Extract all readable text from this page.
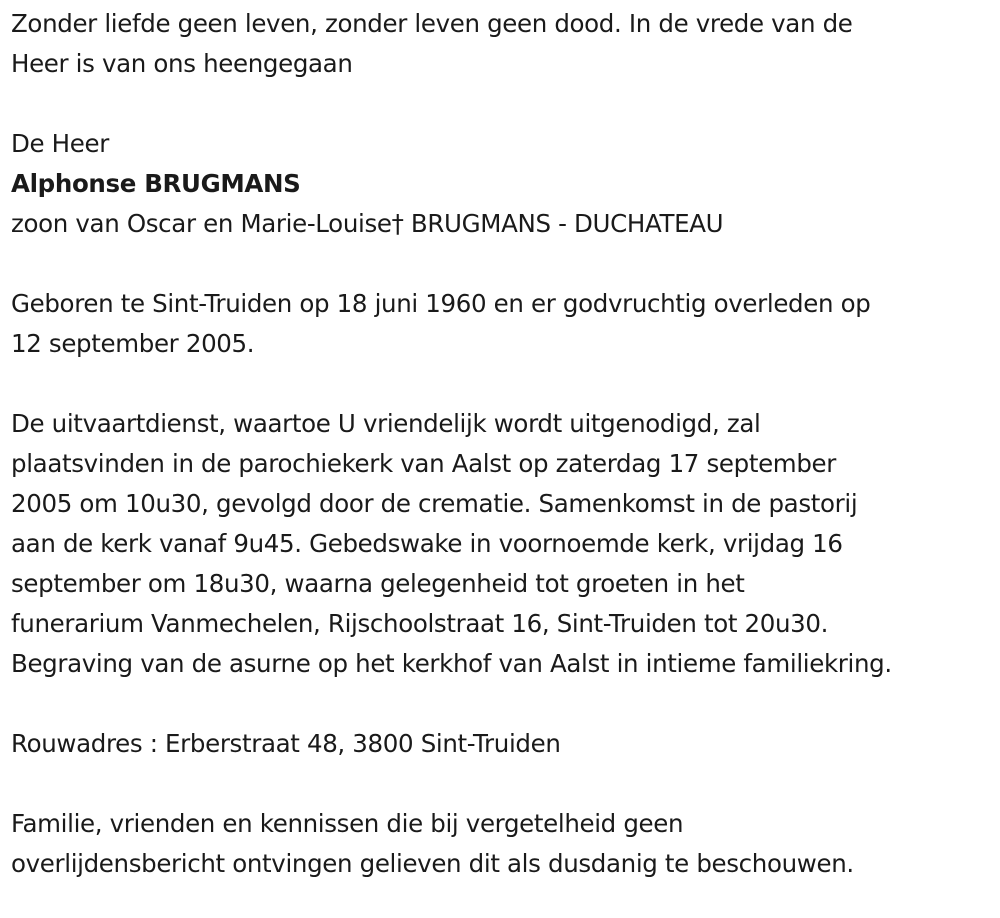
Zonder liefde geen leven, zonder leven geen dood. In de vrede van de
Heer is van ons heengegaan
De Heer
Alphonse BRUGMANS
zoon van Oscar en Marie-Louise† BRUGMANS - DUCHATEAU
Geboren te Sint-Truiden op 18 juni 1960 en er godvruchtig overleden op
12 september 2005.
De uitvaartdienst, waartoe U vriendelijk wordt uitgenodigd, zal
plaatsvinden in de parochiekerk van Aalst op zaterdag 17 september
2005 om 10u30, gevolgd door de crematie. Samenkomst in de pastorij
aan de kerk vanaf 9u45. Gebedswake in voornoemde kerk, vrijdag 16
september om 18u30, waarna gelegenheid tot groeten in het
funerarium Vanmechelen, Rijschoolstraat 16, Sint-Truiden tot 20u30.
Begraving van de asurne op het kerkhof van Aalst in intieme familiekring.
Rouwadres : Erberstraat 48, 3800 Sint-Truiden
Familie, vrienden en kennissen die bij vergetelheid geen
overlijdensbericht ontvingen gelieven dit als dusdanig te beschouwen.
